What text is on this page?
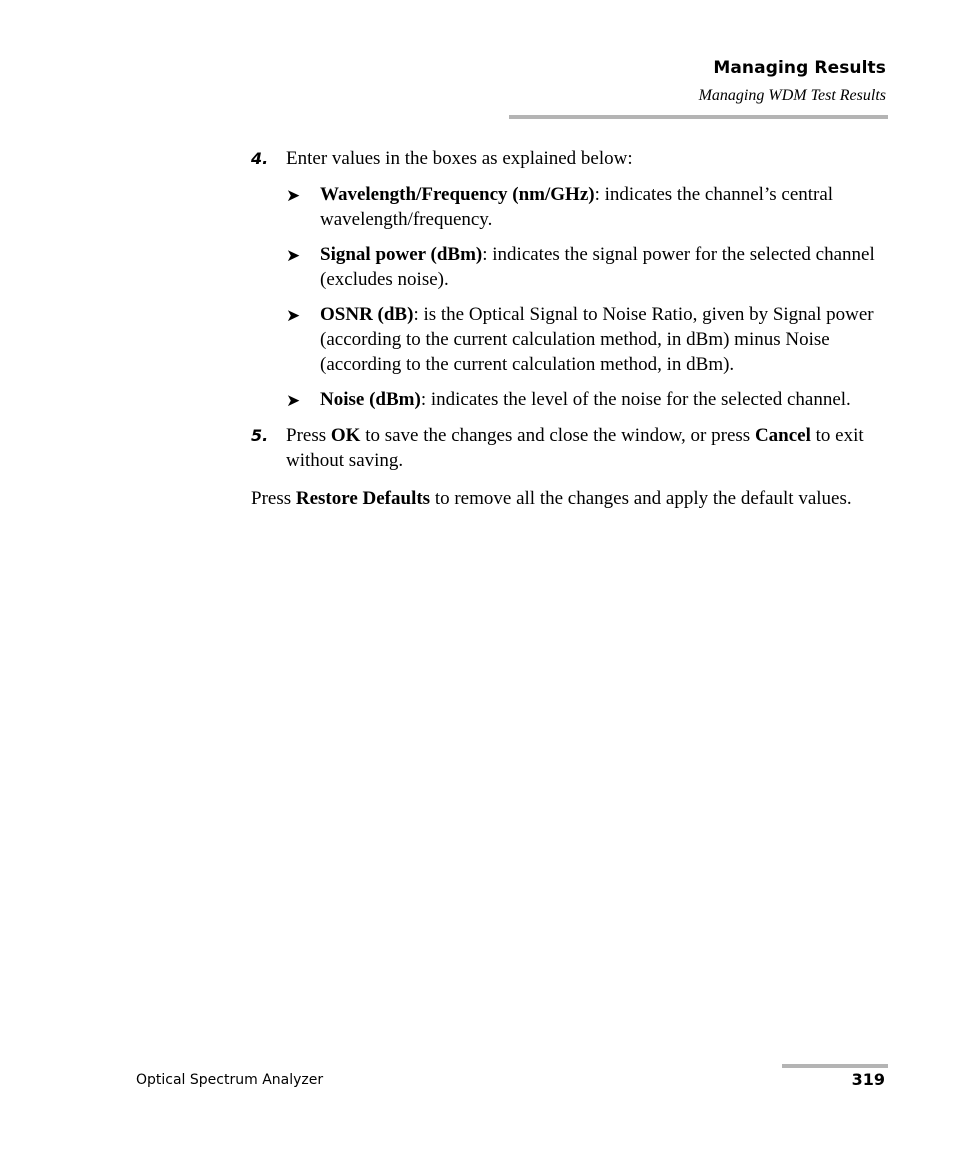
Managing Results
Managing WDM Test Results
4. Enter values in the boxes as explained below:
➤ Wavelength/Frequency (nm/GHz): indicates the channel’s central wavelength/frequency.
➤ Signal power (dBm): indicates the signal power for the selected channel (excludes noise).
➤ OSNR (dB): is the Optical Signal to Noise Ratio, given by Signal power (according to the current calculation method, in dBm) minus Noise (according to the current calculation method, in dBm).
➤ Noise (dBm): indicates the level of the noise for the selected channel.
5. Press OK to save the changes and close the window, or press Cancel to exit without saving.
Press Restore Defaults to remove all the changes and apply the default values.
Optical Spectrum Analyzer	319
